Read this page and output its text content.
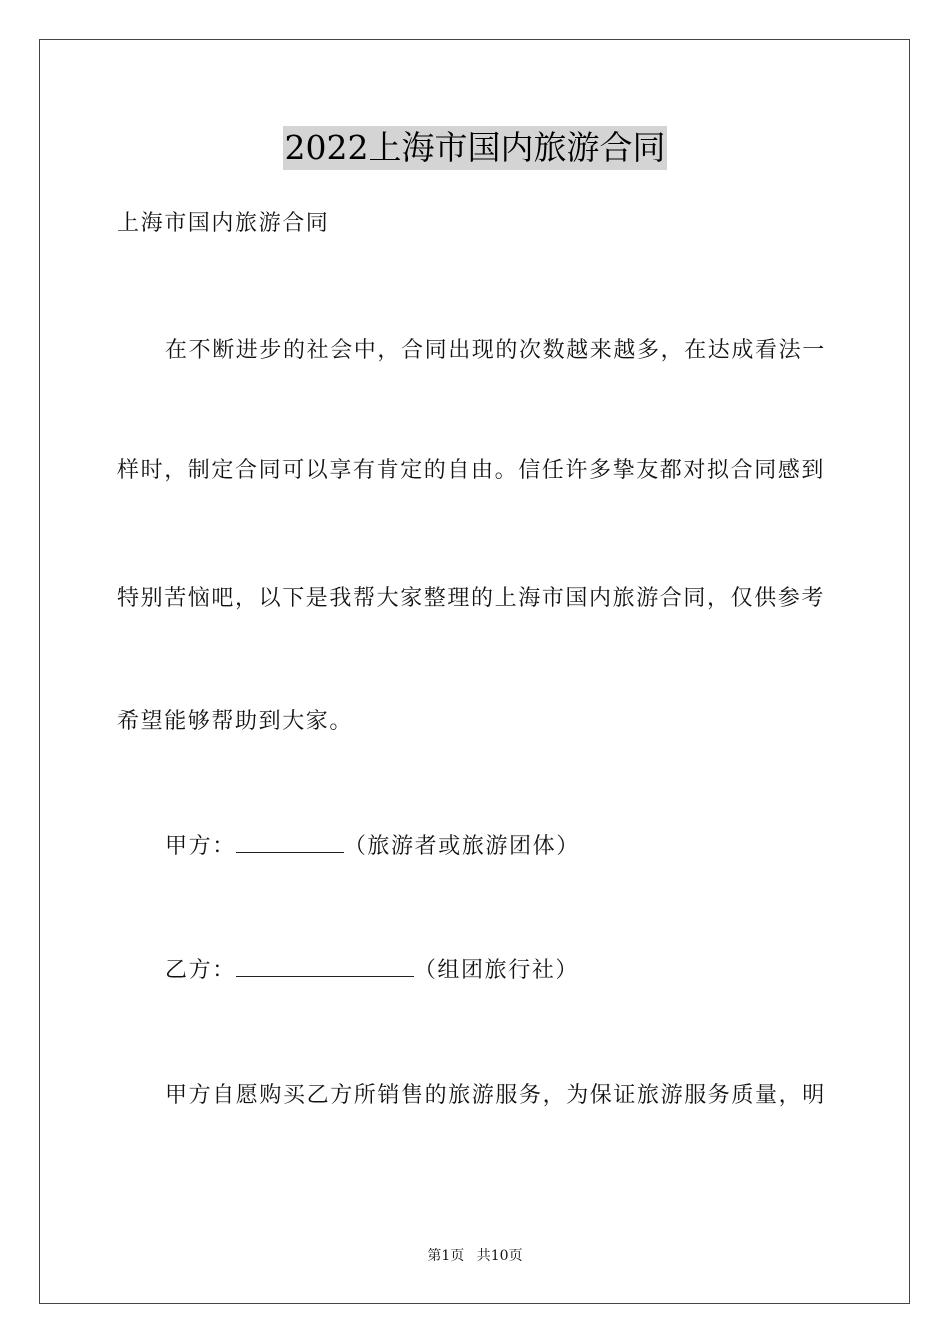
2022上海市国内旅游合同
上海市国内旅游合同
在不断进步的社会中，合同出现的次数越来越多，在达成看法一
样时，制定合同可以享有肯定的自由。信任许多挚友都对拟合同感到
特别苦恼吧，以下是我帮大家整理的上海市国内旅游合同，仅供参考
希望能够帮助到大家。
甲方：	（旅游者或旅游团体）
乙方：	（组团旅行社）
甲方自愿购买乙方所销售的旅游服务，为保证旅游服务质量，明
第1页 共10页
